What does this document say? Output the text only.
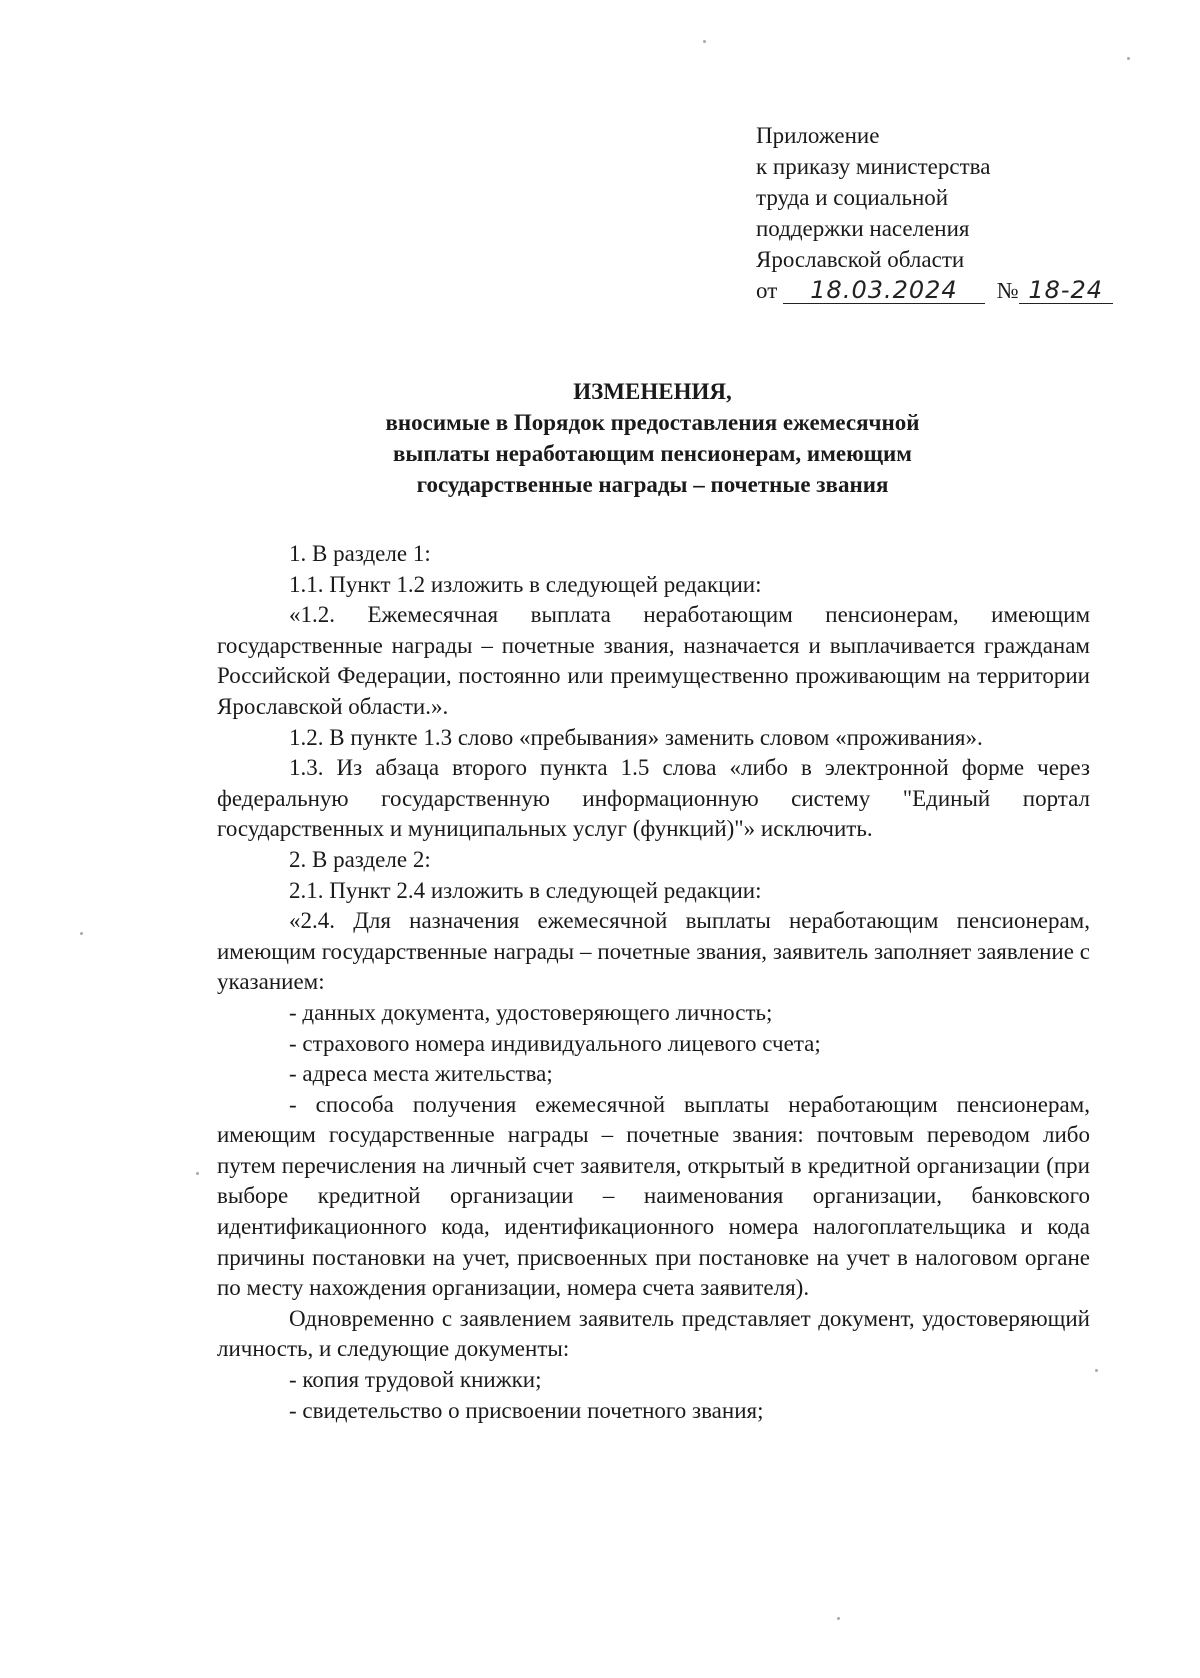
Приложение
к приказу министерства
труда и социальной
поддержки населения
Ярославской области
от 18.03.2024 № 18-24
ИЗМЕНЕНИЯ,
вносимые в Порядок предоставления ежемесячной
выплаты неработающим пенсионерам, имеющим
государственные награды – почетные звания

1. В разделе 1:

1.1. Пункт 1.2 изложить в следующей редакции:

«1.2. Ежемесячная выплата неработающим пенсионерам, имеющим государственные награды – почетные звания, назначается и выплачивается гражданам Российской Федерации, постоянно или преимущественно проживающим на территории Ярославской области.».

1.2. В пункте 1.3 слово «пребывания» заменить словом «проживания».

1.3. Из абзаца второго пункта 1.5 слова «либо в электронной форме через федеральную государственную информационную систему "Единый портал государственных и муниципальных услуг (функций)"» исключить.

2. В разделе 2:

2.1. Пункт 2.4 изложить в следующей редакции:

«2.4. Для назначения ежемесячной выплаты неработающим пенсионерам, имеющим государственные награды – почетные звания, заявитель заполняет заявление с указанием:

- данных документа, удостоверяющего личность;

- страхового номера индивидуального лицевого счета;

- адреса места жительства;

- способа получения ежемесячной выплаты неработающим пенсионерам, имеющим государственные награды – почетные звания: почтовым переводом либо путем перечисления на личный счет заявителя, открытый в кредитной организации (при выборе кредитной организации – наименования организации, банковского идентификационного кода, идентификационного номера налогоплательщика и кода причины постановки на учет, присвоенных при постановке на учет в налоговом органе по месту нахождения организации, номера счета заявителя).

Одновременно с заявлением заявитель представляет документ, удостоверяющий личность, и следующие документы:

- копия трудовой книжки;

- свидетельство о присвоении почетного звания;
